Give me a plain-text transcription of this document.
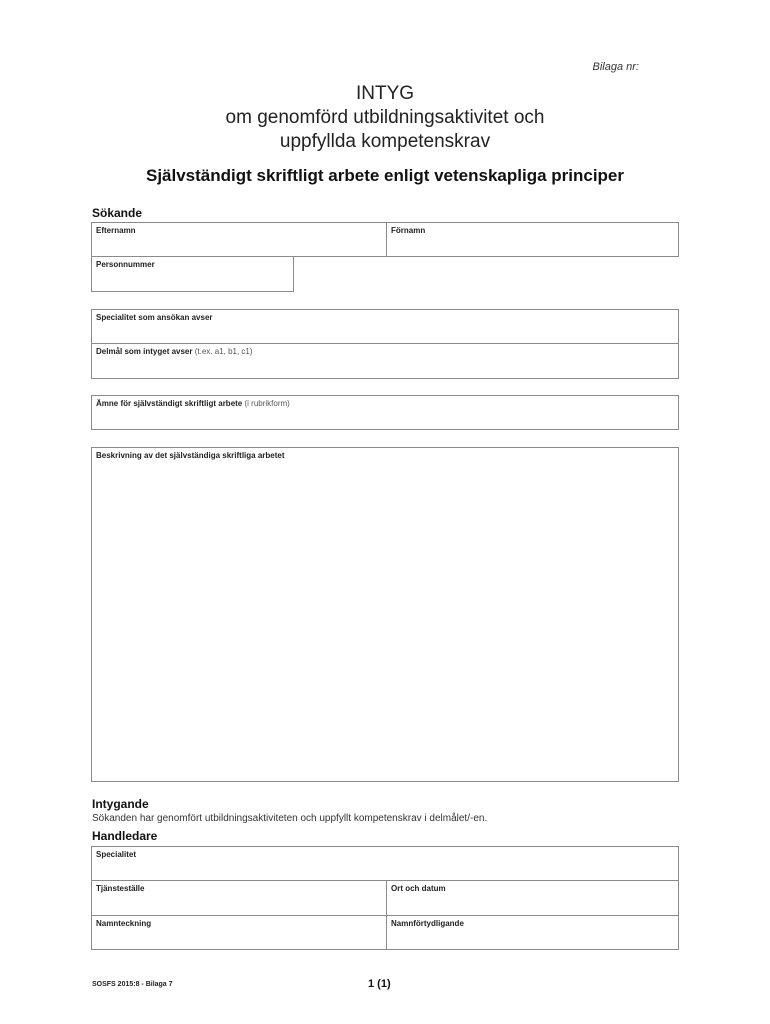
Bilaga nr:
INTYG
om genomförd utbildningsaktivitet och
uppfyllda kompetenskrav
Självständigt skriftligt arbete enligt vetenskapliga principer
Sökande
Efternamn	Förnamn
Personnummer
Specialitet som ansökan avser
Delmål som intyget avser (t.ex. a1, b1, c1)
Ämne för självständigt skriftligt arbete (i rubrikform)
Beskrivning av det självständiga skriftliga arbetet
Intygande
Sökanden har genomfört utbildningsaktiviteten och uppfyllt kompetenskrav i delmålet/-en.
Handledare
Specialitet
Tjänsteställe	Ort och datum
Namnteckning	Namnförtydligande
SOSFS 2015:8 - Bilaga 7	1 (1)
